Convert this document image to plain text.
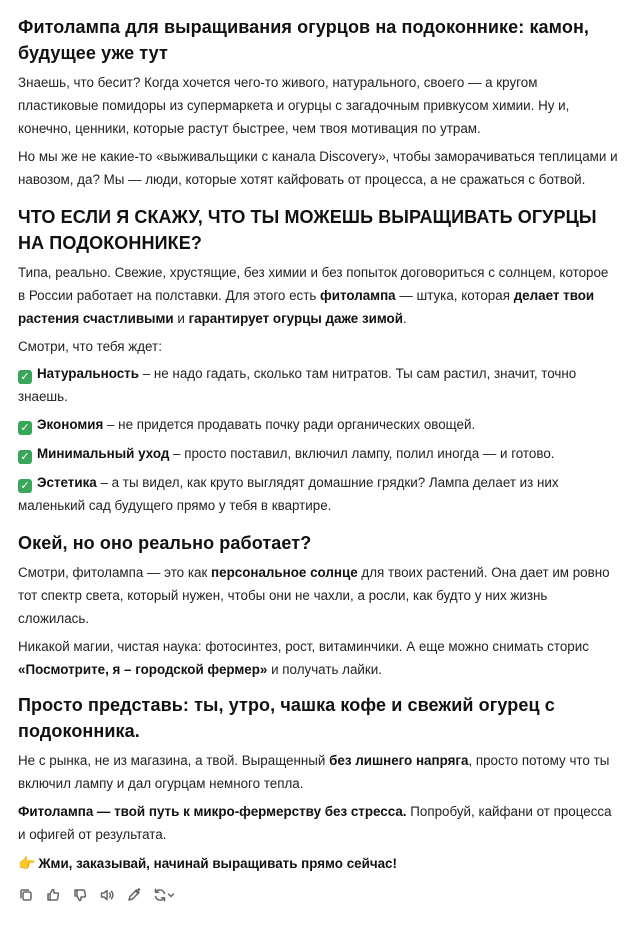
Фитолампа для выращивания огурцов на подоконнике: камон, будущее уже тут

Знаешь, что бесит? Когда хочется чего-то живого, натурального, своего — а кругом пластиковые помидоры из супермаркета и огурцы с загадочным привкусом химии. Ну и, конечно, ценники, которые растут быстрее, чем твоя мотивация по утрам.

Но мы же не какие-то «выживальщики с канала Discovery», чтобы заморачиваться теплицами и навозом, да? Мы — люди, которые хотят кайфовать от процесса, а не сражаться с ботвой.

ЧТО ЕСЛИ Я СКАЖУ, ЧТО ТЫ МОЖЕШЬ ВЫРАЩИВАТЬ ОГУРЦЫ НА ПОДОКОННИКЕ?

Типа, реально. Свежие, хрустящие, без химии и без попыток договориться с солнцем, которое в России работает на полставки. Для этого есть фитолампа — штука, которая делает твои растения счастливыми и гарантирует огурцы даже зимой.

Смотри, что тебя ждет:

✓ Натуральность – не надо гадать, сколько там нитратов. Ты сам растил, значит, точно знаешь.

✓ Экономия – не придется продавать почку ради органических овощей.

✓ Минимальный уход – просто поставил, включил лампу, полил иногда — и готово.

✓ Эстетика – а ты видел, как круто выглядят домашние грядки? Лампа делает из них маленький сад будущего прямо у тебя в квартире.

Окей, но оно реально работает?

Смотри, фитолампа — это как персональное солнце для твоих растений. Она дает им ровно тот спектр света, который нужен, чтобы они не чахли, а росли, как будто у них жизнь сложилась.

Никакой магии, чистая наука: фотосинтез, рост, витаминчики. А еще можно снимать сторис «Посмотрите, я – городской фермер» и получать лайки.

Просто представь: ты, утро, чашка кофе и свежий огурец с подоконника.

Не с рынка, не из магазина, а твой. Выращенный без лишнего напряга, просто потому что ты включил лампу и дал огурцам немного тепла.

Фитолампа — твой путь к микро-фермерству без стресса. Попробуй, кайфани от процесса и офигей от результата.

👉 Жми, заказывай, начинай выращивать прямо сейчас!
